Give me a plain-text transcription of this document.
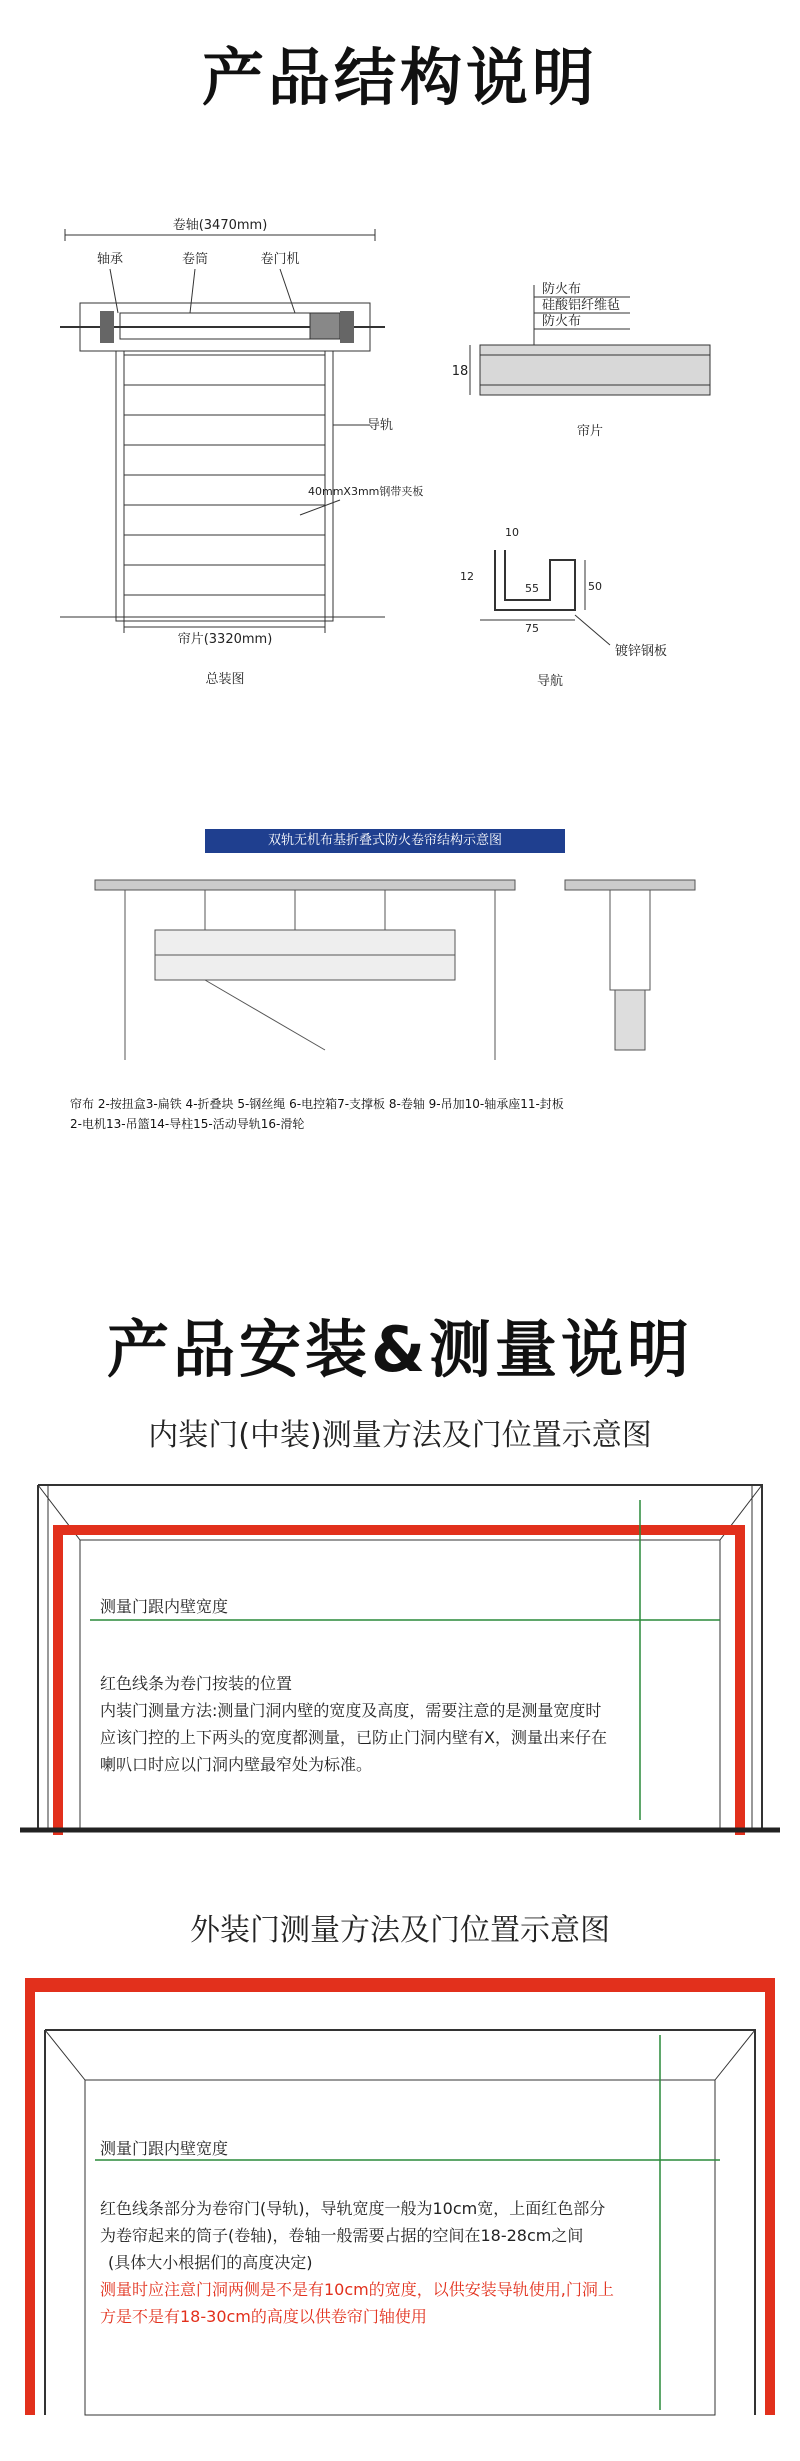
产品结构说明
卷轴(3470mm)
轴承	卷筒	卷门机
导轨
40mmX3mm钢带夹板
帘片(3320mm)
总装图
防火布
硅酸铝纤维毡
防火布
18
帘片
10
12
55	50
75
镀锌钢板
导航
双轨无机布基折叠式防火卷帘结构示意图
帘布 2-按扭盒3-扁铁 4-折叠块 5-钢丝绳 6-电控箱7-支撑板 8-卷轴 9-吊加10-轴承座11-封板
2-电机13-吊篮14-导柱15-活动导轨16-滑轮
产品安装&测量说明
内装门(中装)测量方法及门位置示意图
测量门跟内壁宽度
红色线条为卷门按装的位置
内装门测量方法:测量门洞内壁的宽度及高度，需要注意的是测量宽度时
应该门控的上下两头的宽度都测量，已防止门洞内壁有X，测量出来仔在
喇叭口时应以门洞内壁最窄处为标准。
外装门测量方法及门位置示意图
测量门跟内壁宽度
红色线条部分为卷帘门(导轨)，导轨宽度一般为10cm宽，上面红色部分
为卷帘起来的筒子(卷轴)，卷轴一般需要占据的空间在18-28cm之间
(具体大小根据们的高度决定)
测量时应注意门洞两侧是不是有10cm的宽度，以供安装导轨使用,门洞上
方是不是有18-30cm的高度以供卷帘门轴使用
